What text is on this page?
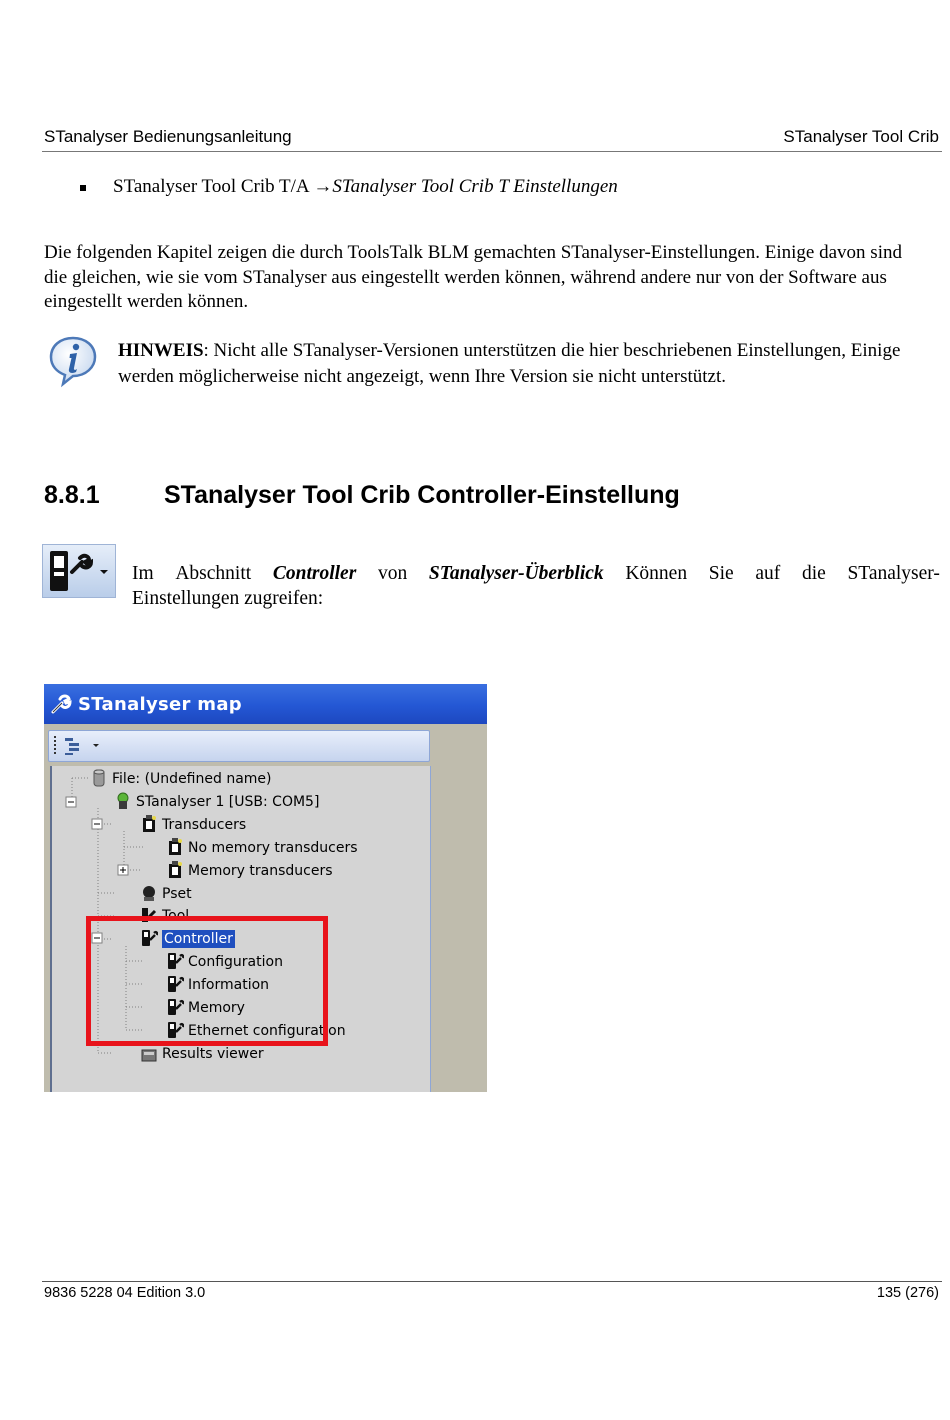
STanalyser Bedienungsanleitung	STanalyser Tool Crib
STanalyser Tool Crib T/A →STanalyser Tool Crib T Einstellungen
Die folgenden Kapitel zeigen die durch ToolsTalk BLM gemachten STanalyser-Einstellungen. Einige davon sind die gleichen, wie sie vom STanalyser aus eingestellt werden können, während andere nur von der Software aus eingestellt werden können.
HINWEIS: Nicht alle STanalyser-Versionen unterstützen die hier beschriebenen Einstellungen, Einige werden möglicherweise nicht angezeigt, wenn Ihre Version sie nicht unterstützt.
8.8.1	STanalyser Tool Crib Controller-Einstellung
Im Abschnitt Controller von STanalyser-Überblick Können Sie auf die STanalyser-
Einstellungen zugreifen:
STanalyser map
File: (Undefined name)
STanalyser 1 [USB: COM5]
Transducers
No memory transducers
Memory transducers
Pset
Tool
Controller
Configuration
Information
Memory
Ethernet configuration
Results viewer
9836 5228 04 Edition 3.0	135 (276)
